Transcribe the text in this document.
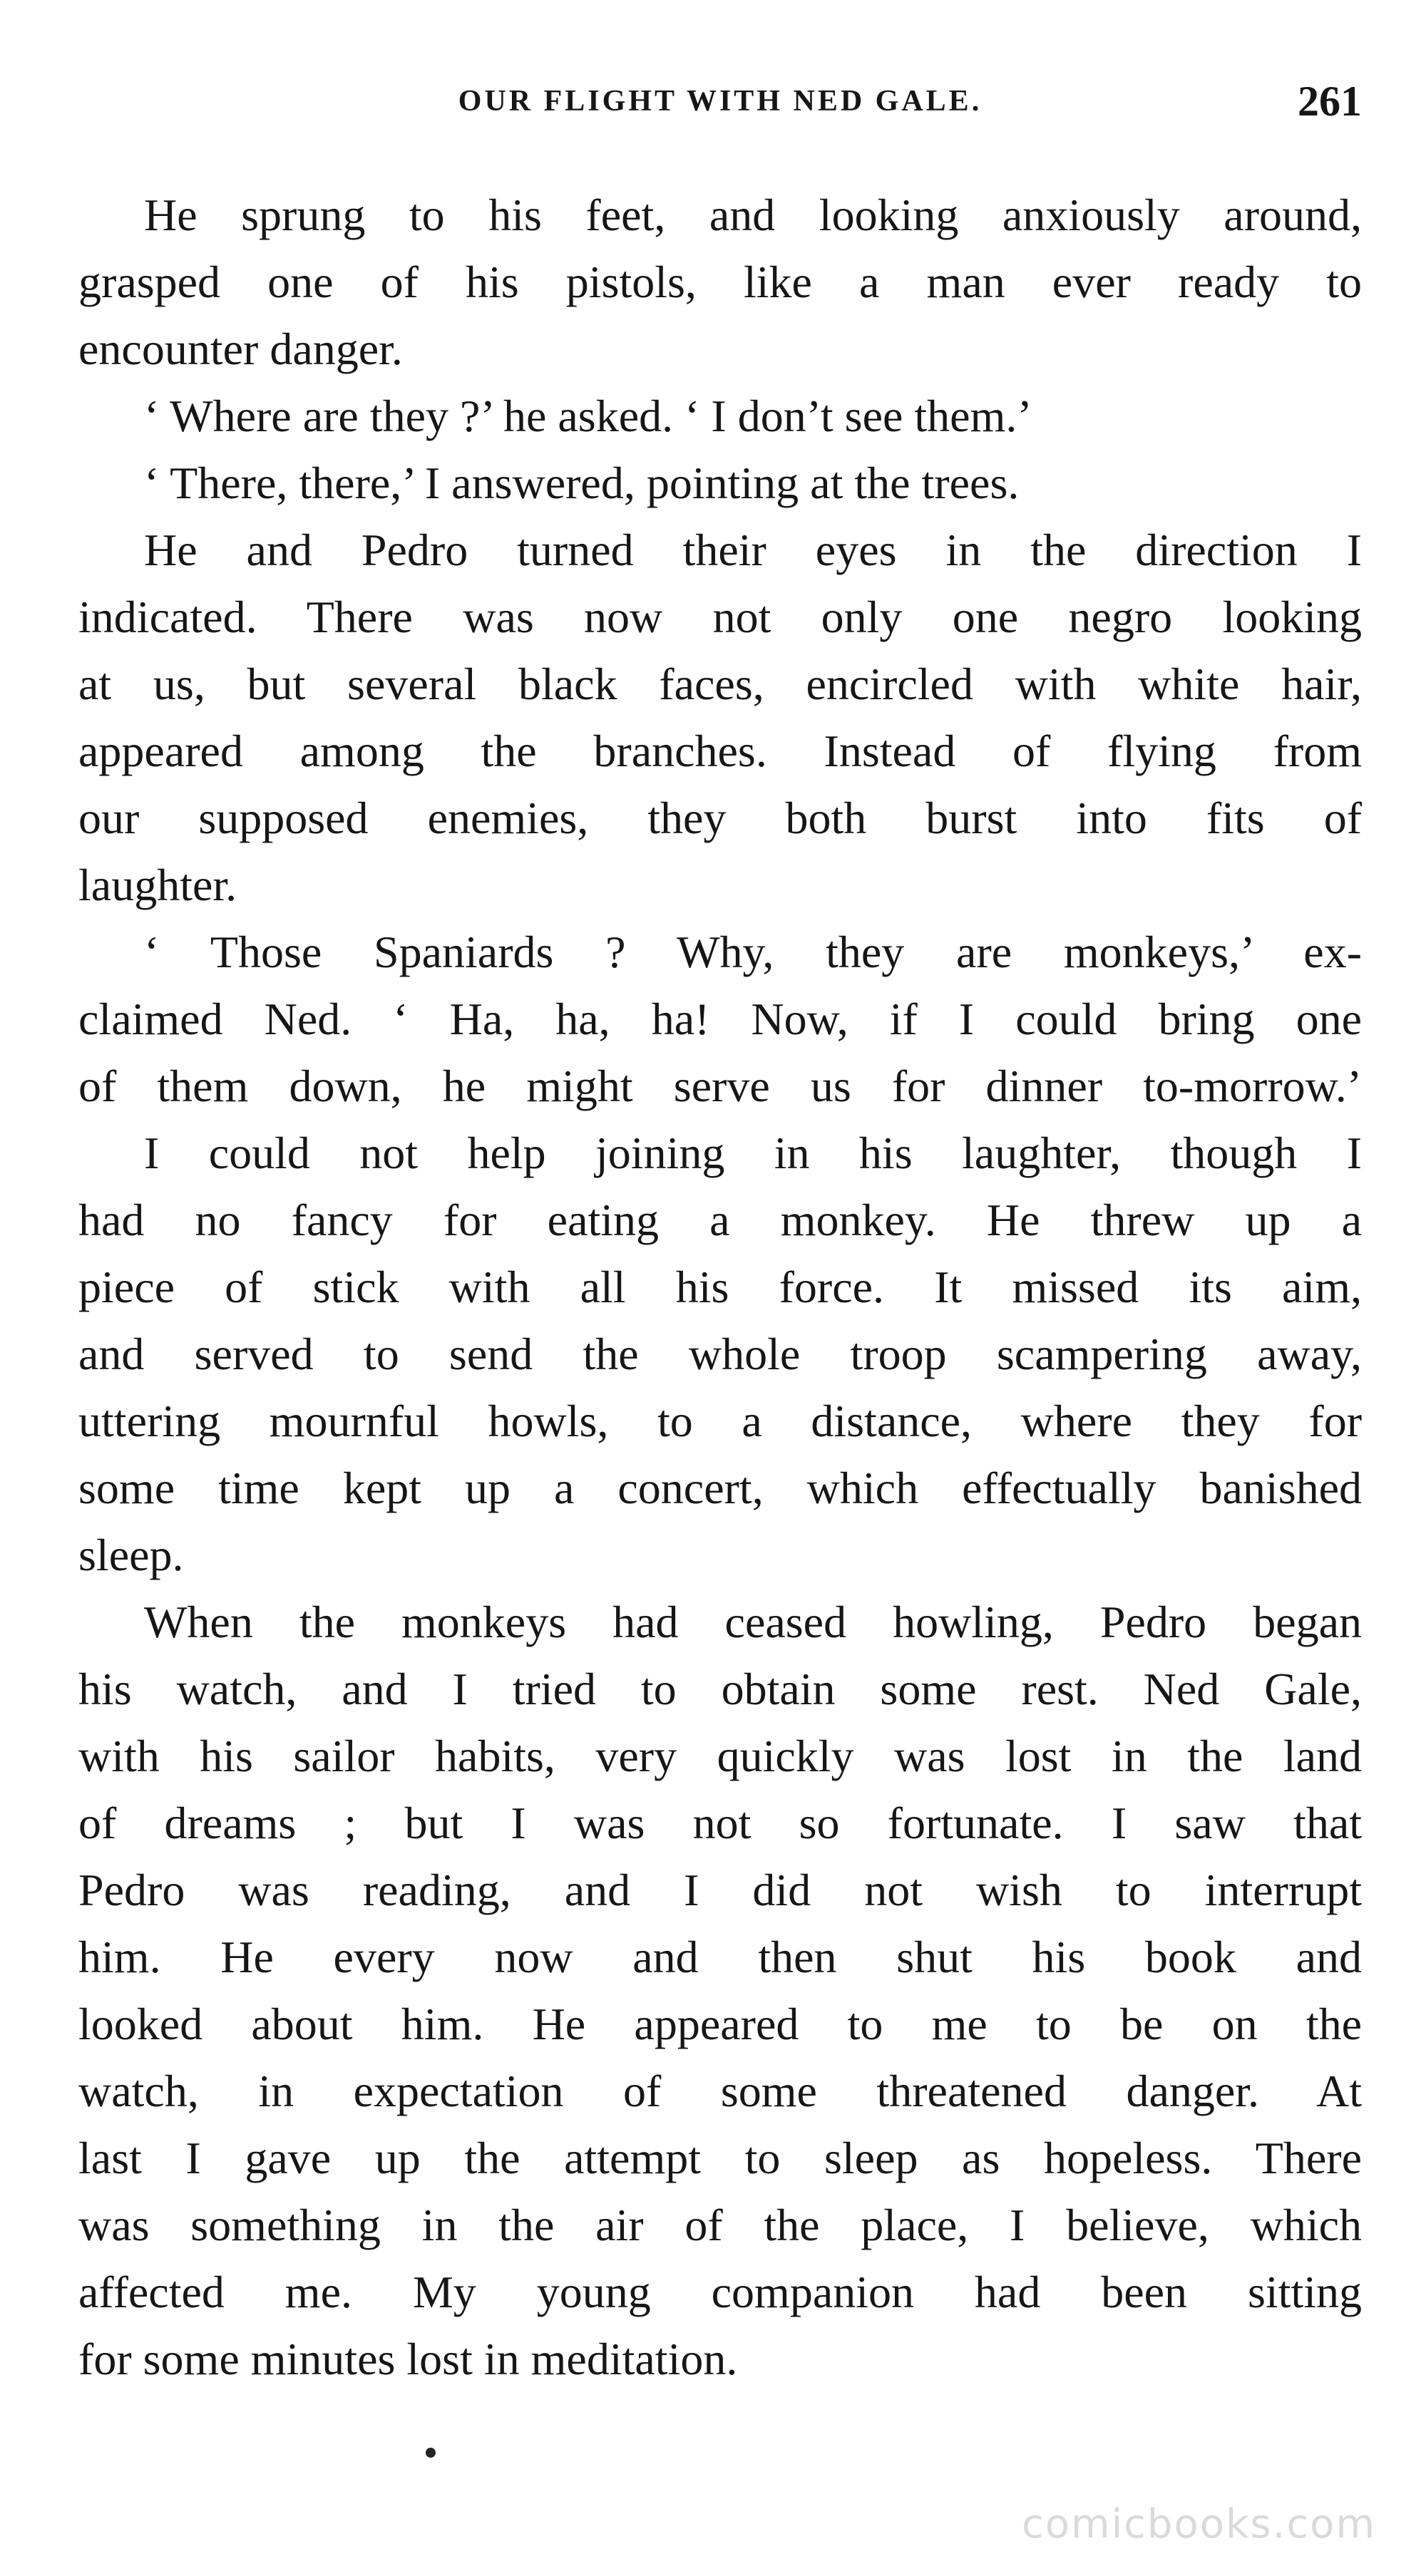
OUR FLIGHT WITH NED GALE.	261
He sprung to his feet, and looking anxiously around,
grasped one of his pistols, like a man ever ready to
encounter danger.
‘ Where are they ?’ he asked. ‘ I don’t see them.’
‘ There, there,’ I answered, pointing at the trees.
He and Pedro turned their eyes in the direction I
indicated. There was now not only one negro looking
at us, but several black faces, encircled with white hair,
appeared among the branches. Instead of flying from
our supposed enemies, they both burst into fits of
laughter.
‘ Those Spaniards ? Why, they are monkeys,’ ex-
claimed Ned. ‘ Ha, ha, ha! Now, if I could bring one
of them down, he might serve us for dinner to-morrow.’
I could not help joining in his laughter, though I
had no fancy for eating a monkey. He threw up a
piece of stick with all his force. It missed its aim,
and served to send the whole troop scampering away,
uttering mournful howls, to a distance, where they for
some time kept up a concert, which effectually banished
sleep.
When the monkeys had ceased howling, Pedro began
his watch, and I tried to obtain some rest. Ned Gale,
with his sailor habits, very quickly was lost in the land
of dreams ; but I was not so fortunate. I saw that
Pedro was reading, and I did not wish to interrupt
him. He every now and then shut his book and
looked about him. He appeared to me to be on the
watch, in expectation of some threatened danger. At
last I gave up the attempt to sleep as hopeless. There
was something in the air of the place, I believe, which
affected me. My young companion had been sitting
for some minutes lost in meditation.
comicbooks.com
